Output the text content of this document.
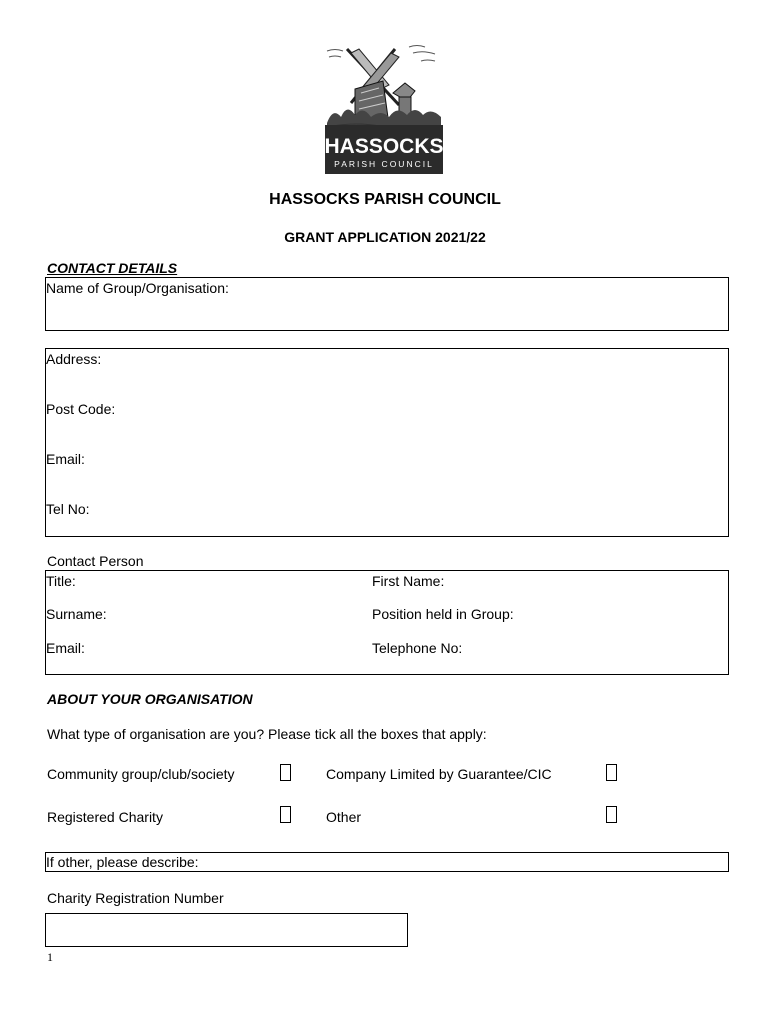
HASSOCKS
PARISH COUNCIL
HASSOCKS PARISH COUNCIL
GRANT APPLICATION 2021/22
CONTACT DETAILS
Name of Group/Organisation:
Address:
Post Code:
Email:
Tel No:
Contact Person
Title:	First Name:
Surname:	Position held in Group:
Email:	Telephone No:
ABOUT YOUR ORGANISATION
What type of organisation are you? Please tick all the boxes that apply:
Community group/club/society	Company Limited by Guarantee/CIC
Registered Charity	Other
If other, please describe:
Charity Registration Number
1
